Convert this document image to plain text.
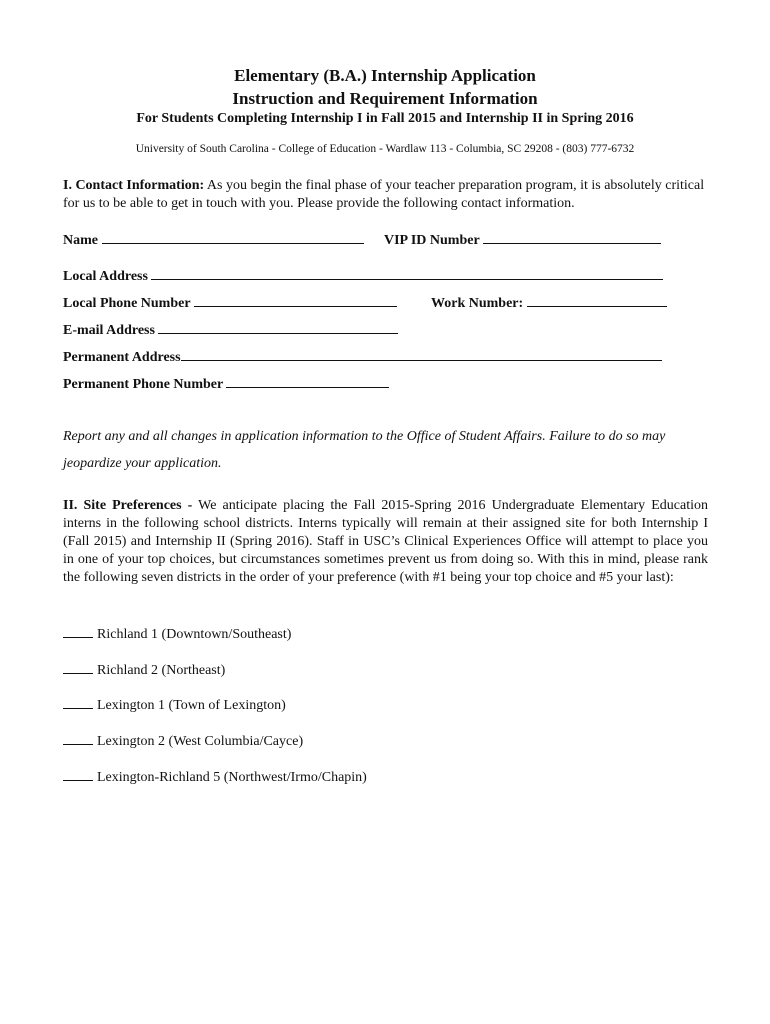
Elementary (B.A.) Internship Application
Instruction and Requirement Information
For Students Completing Internship I in Fall 2015 and Internship II in Spring 2016
University of South Carolina - College of Education - Wardlaw 113 - Columbia, SC 29208 - (803) 777-6732
I. Contact Information: As you begin the final phase of your teacher preparation program, it is absolutely critical for us to be able to get in touch with you. Please provide the following contact information.
Name	VIP ID Number
Local Address
Local Phone Number	Work Number:
E-mail Address
Permanent Address
Permanent Phone Number
Report any and all changes in application information to the Office of Student Affairs. Failure to do so may jeopardize your application.
II. Site Preferences - We anticipate placing the Fall 2015-Spring 2016 Undergraduate Elementary Education interns in the following school districts. Interns typically will remain at their assigned site for both Internship I (Fall 2015) and Internship II (Spring 2016). Staff in USC’s Clinical Experiences Office will attempt to place you in one of your top choices, but circumstances sometimes prevent us from doing so. With this in mind, please rank the following seven districts in the order of your preference (with #1 being your top choice and #5 your last):
Richland 1 (Downtown/Southeast)
Richland 2 (Northeast)
Lexington 1 (Town of Lexington)
Lexington 2 (West Columbia/Cayce)
Lexington-Richland 5 (Northwest/Irmo/Chapin)
